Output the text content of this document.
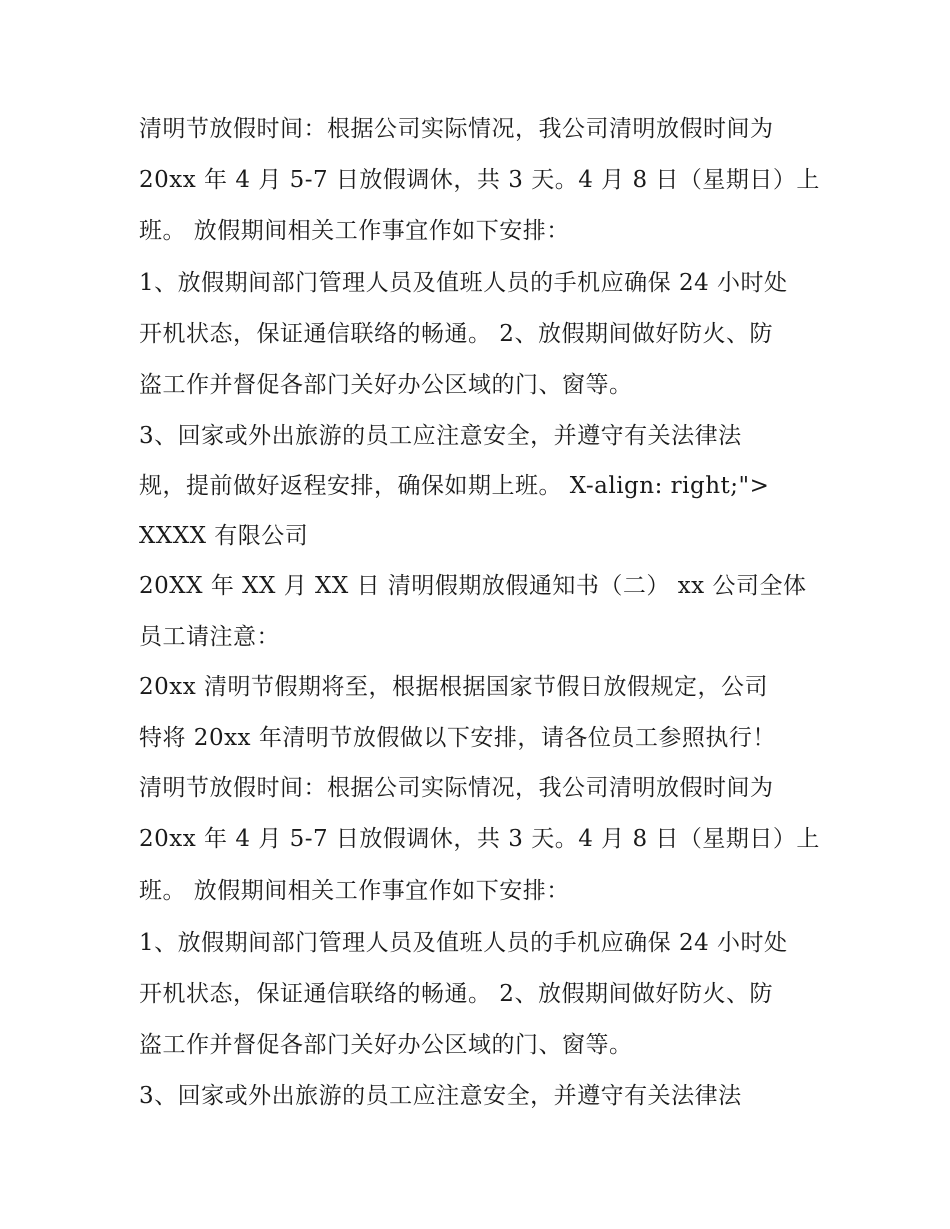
清明节放假时间：根据公司实际情况，我公司清明放假时间为
20xx 年 4 月 5-7 日放假调休，共 3 天。4 月 8 日（星期日）上
班。 放假期间相关工作事宜作如下安排：
1、放假期间部门管理人员及值班人员的手机应确保 24 小时处
开机状态，保证通信联络的畅通。 2、放假期间做好防火、防
盗工作并督促各部门关好办公区域的门、窗等。
3、回家或外出旅游的员工应注意安全，并遵守有关法律法
规，提前做好返程安排，确保如期上班。 X-align: right;">
XXXX 有限公司
20XX 年 XX 月 XX 日 清明假期放假通知书（二） xx 公司全体
员工请注意：
20xx 清明节假期将至，根据根据国家节假日放假规定，公司
特将 20xx 年清明节放假做以下安排，请各位员工参照执行！
清明节放假时间：根据公司实际情况，我公司清明放假时间为
20xx 年 4 月 5-7 日放假调休，共 3 天。4 月 8 日（星期日）上
班。 放假期间相关工作事宜作如下安排：
1、放假期间部门管理人员及值班人员的手机应确保 24 小时处
开机状态，保证通信联络的畅通。 2、放假期间做好防火、防
盗工作并督促各部门关好办公区域的门、窗等。
3、回家或外出旅游的员工应注意安全，并遵守有关法律法
